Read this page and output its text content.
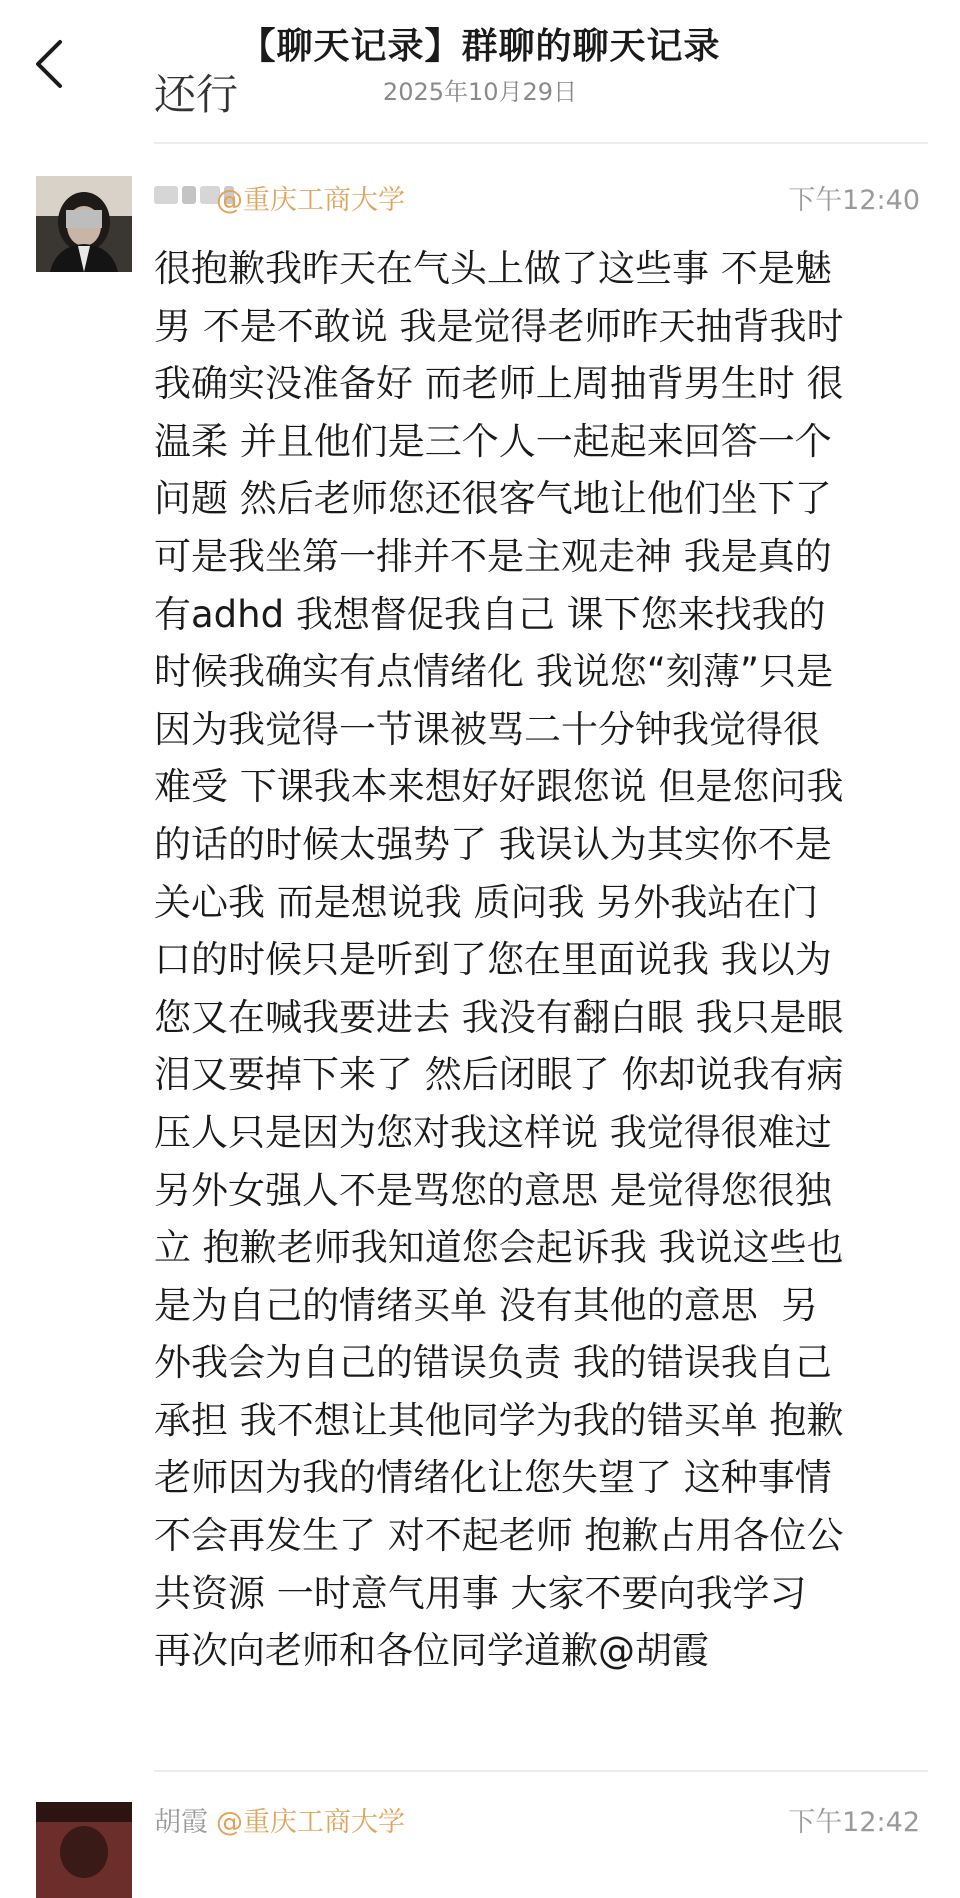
【聊天记录】群聊的聊天记录
2025年10月29日
还行
@重庆工商大学	下午12:40
很抱歉我昨天在气头上做了这些事 不是魅
男 不是不敢说 我是觉得老师昨天抽背我时
我确实没准备好 而老师上周抽背男生时 很
温柔 并且他们是三个人一起起来回答一个
问题 然后老师您还很客气地让他们坐下了
可是我坐第一排并不是主观走神 我是真的
有adhd 我想督促我自己 课下您来找我的
时候我确实有点情绪化 我说您“刻薄”只是
因为我觉得一节课被骂二十分钟我觉得很
难受 下课我本来想好好跟您说 但是您问我
的话的时候太强势了 我误认为其实你不是
关心我 而是想说我 质问我 另外我站在门
口的时候只是听到了您在里面说我 我以为
您又在喊我要进去 我没有翻白眼 我只是眼
泪又要掉下来了 然后闭眼了 你却说我有病
压人只是因为您对我这样说 我觉得很难过
另外女强人不是骂您的意思 是觉得您很独
立 抱歉老师我知道您会起诉我 我说这些也
是为自己的情绪买单 没有其他的意思  另
外我会为自己的错误负责 我的错误我自己
承担 我不想让其他同学为我的错买单 抱歉
老师因为我的情绪化让您失望了 这种事情
不会再发生了 对不起老师 抱歉占用各位公
共资源 一时意气用事 大家不要向我学习
再次向老师和各位同学道歉@胡霞
胡霞 @重庆工商大学	下午12:42
